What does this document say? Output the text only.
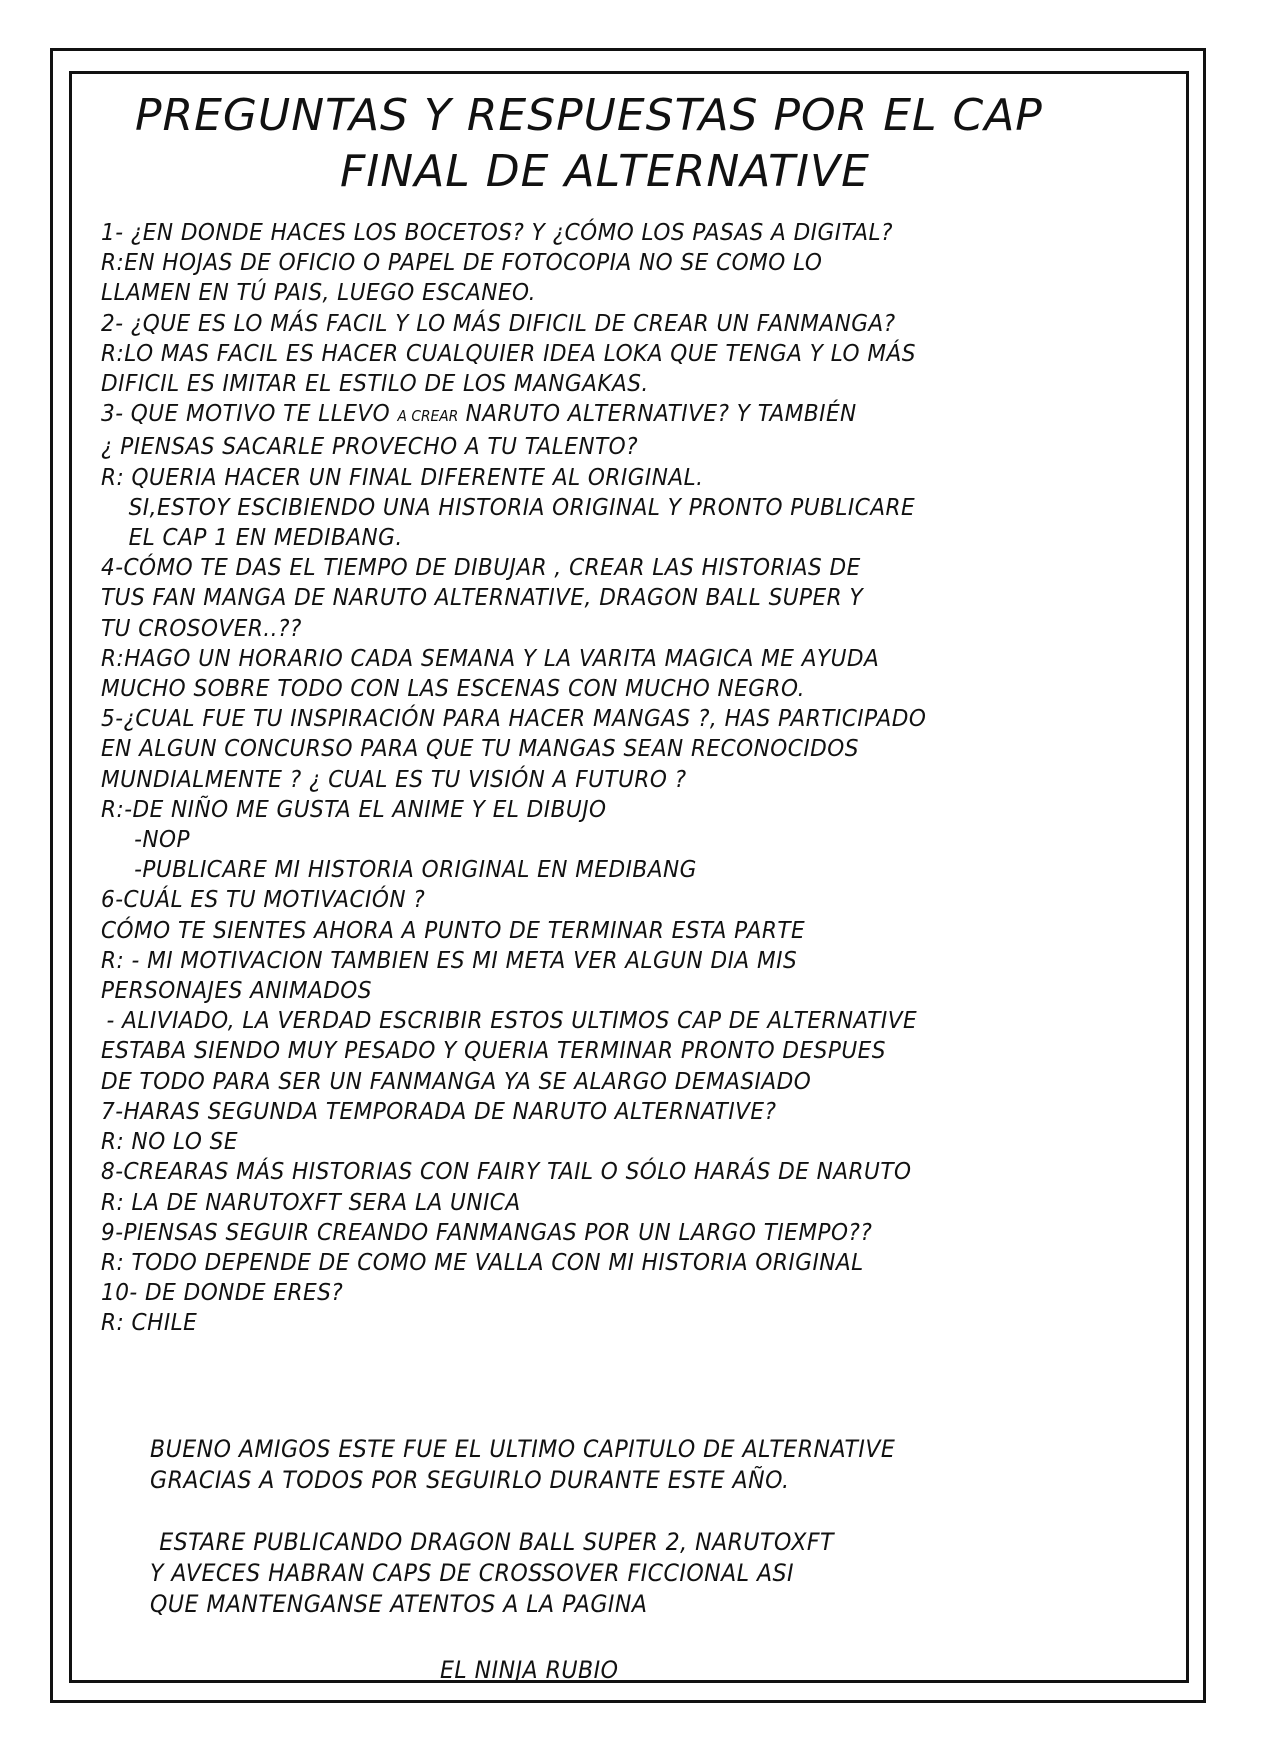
PREGUNTAS Y RESPUESTAS POR EL CAP
FINAL DE ALTERNATIVE
1- ¿EN DONDE HACES LOS BOCETOS? Y ¿CÓMO LOS PASAS A DIGITAL?
R:EN HOJAS DE OFICIO O PAPEL DE FOTOCOPIA NO SE COMO LO
LLAMEN EN TÚ PAIS, LUEGO ESCANEO.
2- ¿QUE ES LO MÁS FACIL Y LO MÁS DIFICIL DE CREAR UN FANMANGA?
R:LO MAS FACIL ES HACER CUALQUIER IDEA LOKA QUE TENGA Y LO MÁS
DIFICIL ES IMITAR EL ESTILO DE LOS MANGAKAS.
3- QUE MOTIVO TE LLEVO A CREAR NARUTO ALTERNATIVE? Y TAMBIÉN
¿ PIENSAS SACARLE PROVECHO A TU TALENTO?
R: QUERIA HACER UN FINAL DIFERENTE AL ORIGINAL.
SI,ESTOY ESCIBIENDO UNA HISTORIA ORIGINAL Y PRONTO PUBLICARE
EL CAP 1 EN MEDIBANG.
4-CÓMO TE DAS EL TIEMPO DE DIBUJAR , CREAR LAS HISTORIAS DE
TUS FAN MANGA DE NARUTO ALTERNATIVE, DRAGON BALL SUPER Y
TU CROSOVER..??
R:HAGO UN HORARIO CADA SEMANA Y LA VARITA MAGICA ME AYUDA
MUCHO SOBRE TODO CON LAS ESCENAS CON MUCHO NEGRO.
5-¿CUAL FUE TU INSPIRACIÓN PARA HACER MANGAS ?, HAS PARTICIPADO
EN ALGUN CONCURSO PARA QUE TU MANGAS SEAN RECONOCIDOS
MUNDIALMENTE ? ¿ CUAL ES TU VISIÓN A FUTURO ?
R:-DE NIÑO ME GUSTA EL ANIME Y EL DIBUJO
-NOP
-PUBLICARE MI HISTORIA ORIGINAL EN MEDIBANG
6-CUÁL ES TU MOTIVACIÓN ?
CÓMO TE SIENTES AHORA A PUNTO DE TERMINAR ESTA PARTE
R: - MI MOTIVACION TAMBIEN ES MI META VER ALGUN DIA MIS
PERSONAJES ANIMADOS
- ALIVIADO, LA VERDAD ESCRIBIR ESTOS ULTIMOS CAP DE ALTERNATIVE
ESTABA SIENDO MUY PESADO Y QUERIA TERMINAR PRONTO DESPUES
DE TODO PARA SER UN FANMANGA YA SE ALARGO DEMASIADO
7-HARAS SEGUNDA TEMPORADA DE NARUTO ALTERNATIVE?
R: NO LO SE
8-CREARAS MÁS HISTORIAS CON FAIRY TAIL O SÓLO HARÁS DE NARUTO
R: LA DE NARUTOXFT SERA LA UNICA
9-PIENSAS SEGUIR CREANDO FANMANGAS POR UN LARGO TIEMPO??
R: TODO DEPENDE DE COMO ME VALLA CON MI HISTORIA ORIGINAL
10- DE DONDE ERES?
R: CHILE
BUENO AMIGOS ESTE FUE EL ULTIMO CAPITULO DE ALTERNATIVE
GRACIAS A TODOS POR SEGUIRLO DURANTE ESTE AÑO.
ESTARE PUBLICANDO DRAGON BALL SUPER 2, NARUTOXFT
Y AVECES HABRAN CAPS DE CROSSOVER FICCIONAL ASI
QUE MANTENGANSE ATENTOS A LA PAGINA
EL NINJA RUBIO
